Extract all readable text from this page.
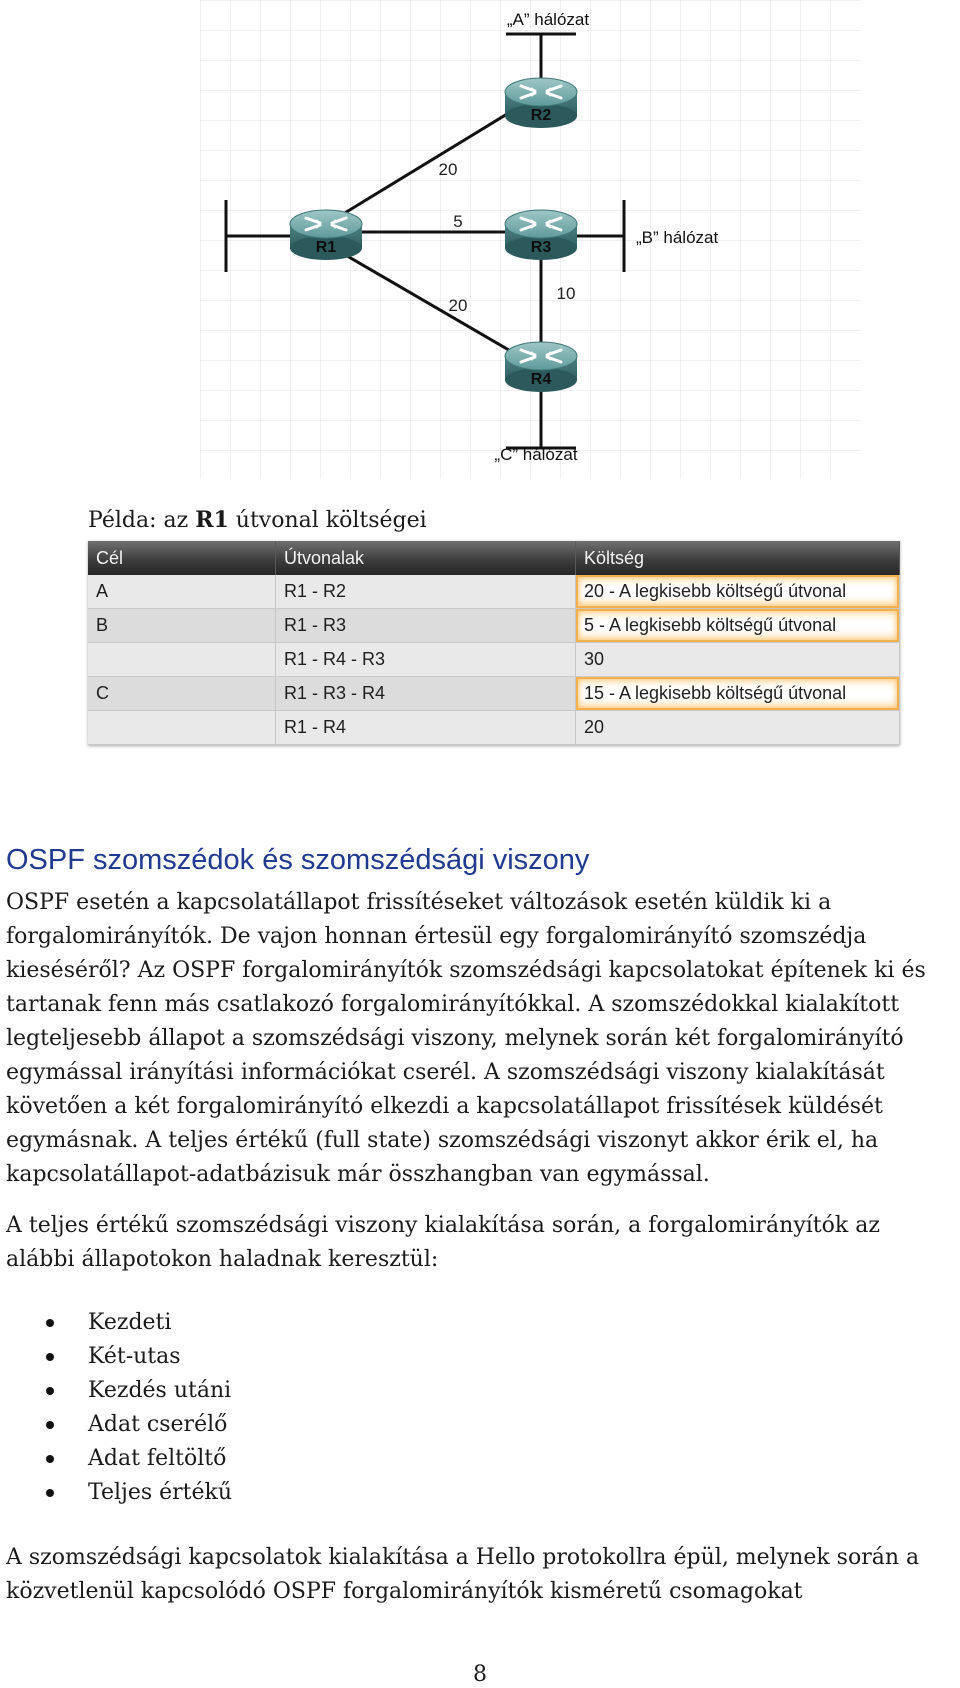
20
5
20
10
„A” hálózat
„B” hálózat
„C” hálózat
R2
R1	R3
R4
Példa: az R1 útvonal költségei
Cél	Útvonalak	Költség
A	R1 - R2	20 - A legkisebb költségű útvonal
B	R1 - R3	5 - A legkisebb költségű útvonal
	R1 - R4 - R3	30
C	R1 - R3 - R4	15 - A legkisebb költségű útvonal
	R1 - R4	20
OSPF szomszédok és szomszédsági viszony

OSPF esetén a kapcsolatállapot frissítéseket változások esetén küldik ki a forgalomirányítók. De vajon honnan értesül egy forgalomirányító szomszédja kieséséről? Az OSPF forgalomirányítók szomszédsági kapcsolatokat építenek ki és tartanak fenn más csatlakozó forgalomirányítókkal. A szomszédokkal kialakított legteljesebb állapot a szomszédsági viszony, melynek során két forgalomirányító egymással irányítási információkat cserél. A szomszédsági viszony kialakítását követően a két forgalomirányító elkezdi a kapcsolatállapot frissítések küldését egymásnak. A teljes értékű (full state) szomszédsági viszonyt akkor érik el, ha kapcsolatállapot-adatbázisuk már összhangban van egymással.

A teljes értékű szomszédsági viszony kialakítása során, a forgalomirányítók az alábbi állapotokon haladnak keresztül:

Kezdeti
Két-utas
Kezdés utáni
Adat cserélő
Adat feltöltő
Teljes értékű

A szomszédsági kapcsolatok kialakítása a Hello protokollra épül, melynek során a közvetlenül kapcsolódó OSPF forgalomirányítók kisméretű csomagokat

8
